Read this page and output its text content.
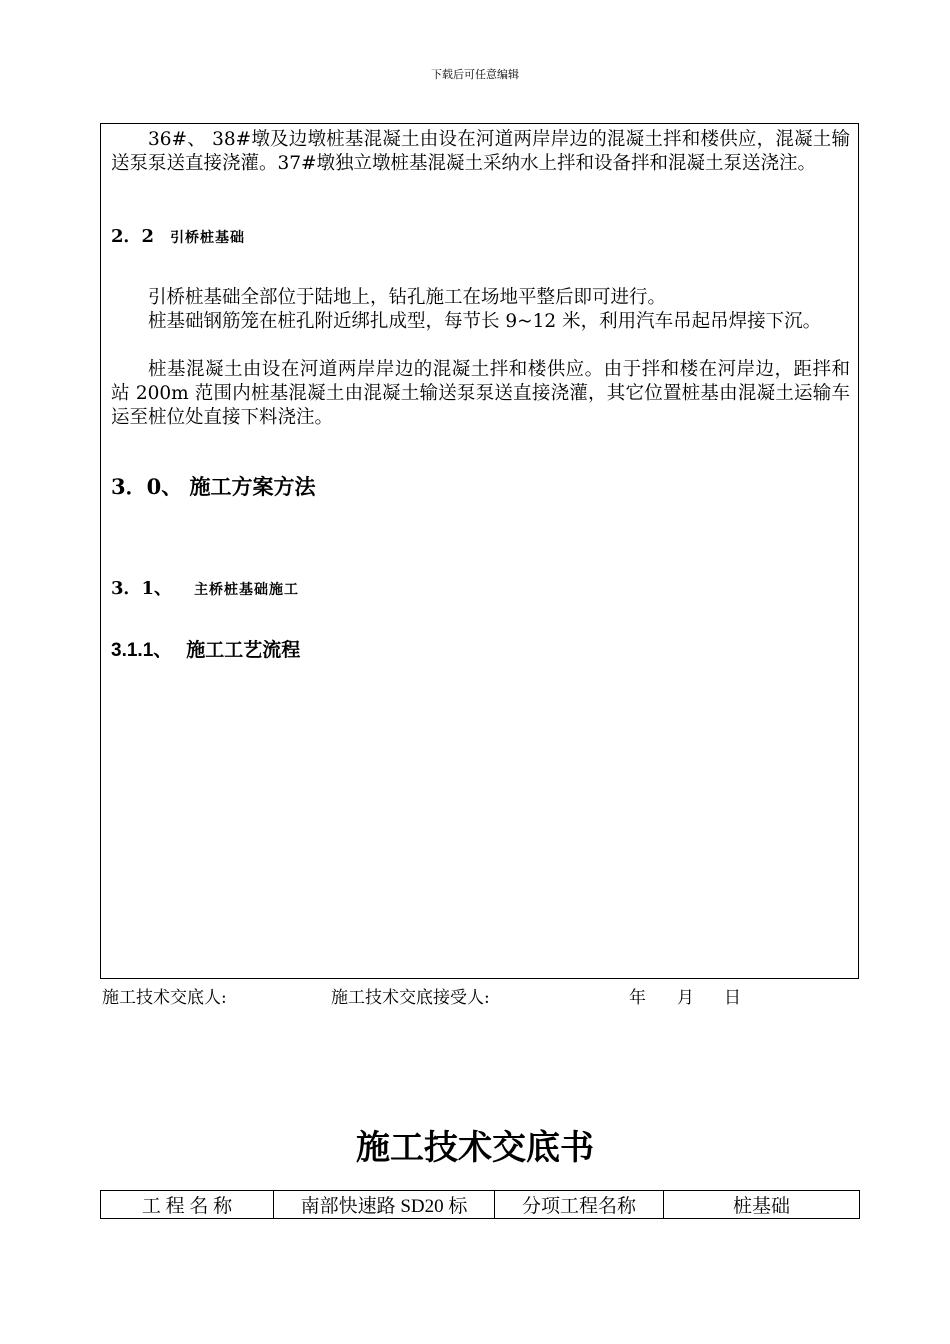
下载后可任意编辑
36#、 38#墩及边墩桩基混凝土由设在河道两岸岸边的混凝土拌和楼供应，混凝土输送泵泵送直接浇灌。37#墩独立墩桩基混凝土采纳水上拌和设备拌和混凝土泵送浇注。
2．2 引桥桩基础
引桥桩基础全部位于陆地上，钻孔施工在场地平整后即可进行。
桩基础钢筋笼在桩孔附近绑扎成型，每节长 9~12 米，利用汽车吊起吊焊接下沉。
桩基混凝土由设在河道两岸岸边的混凝土拌和楼供应。由于拌和楼在河岸边，距拌和站 200m 范围内桩基混凝土由混凝土输送泵泵送直接浇灌，其它位置桩基由混凝土运输车运至桩位处直接下料浇注。
3．0、 施工方案方法
3．1、 主桥桩基础施工
3.1.1、 施工工艺流程
施工技术交底人:	施工技术交底接受人:	年 月 日
施工技术交底书
工 程 名 称	南部快速路 SD20 标	分项工程名称	桩基础
